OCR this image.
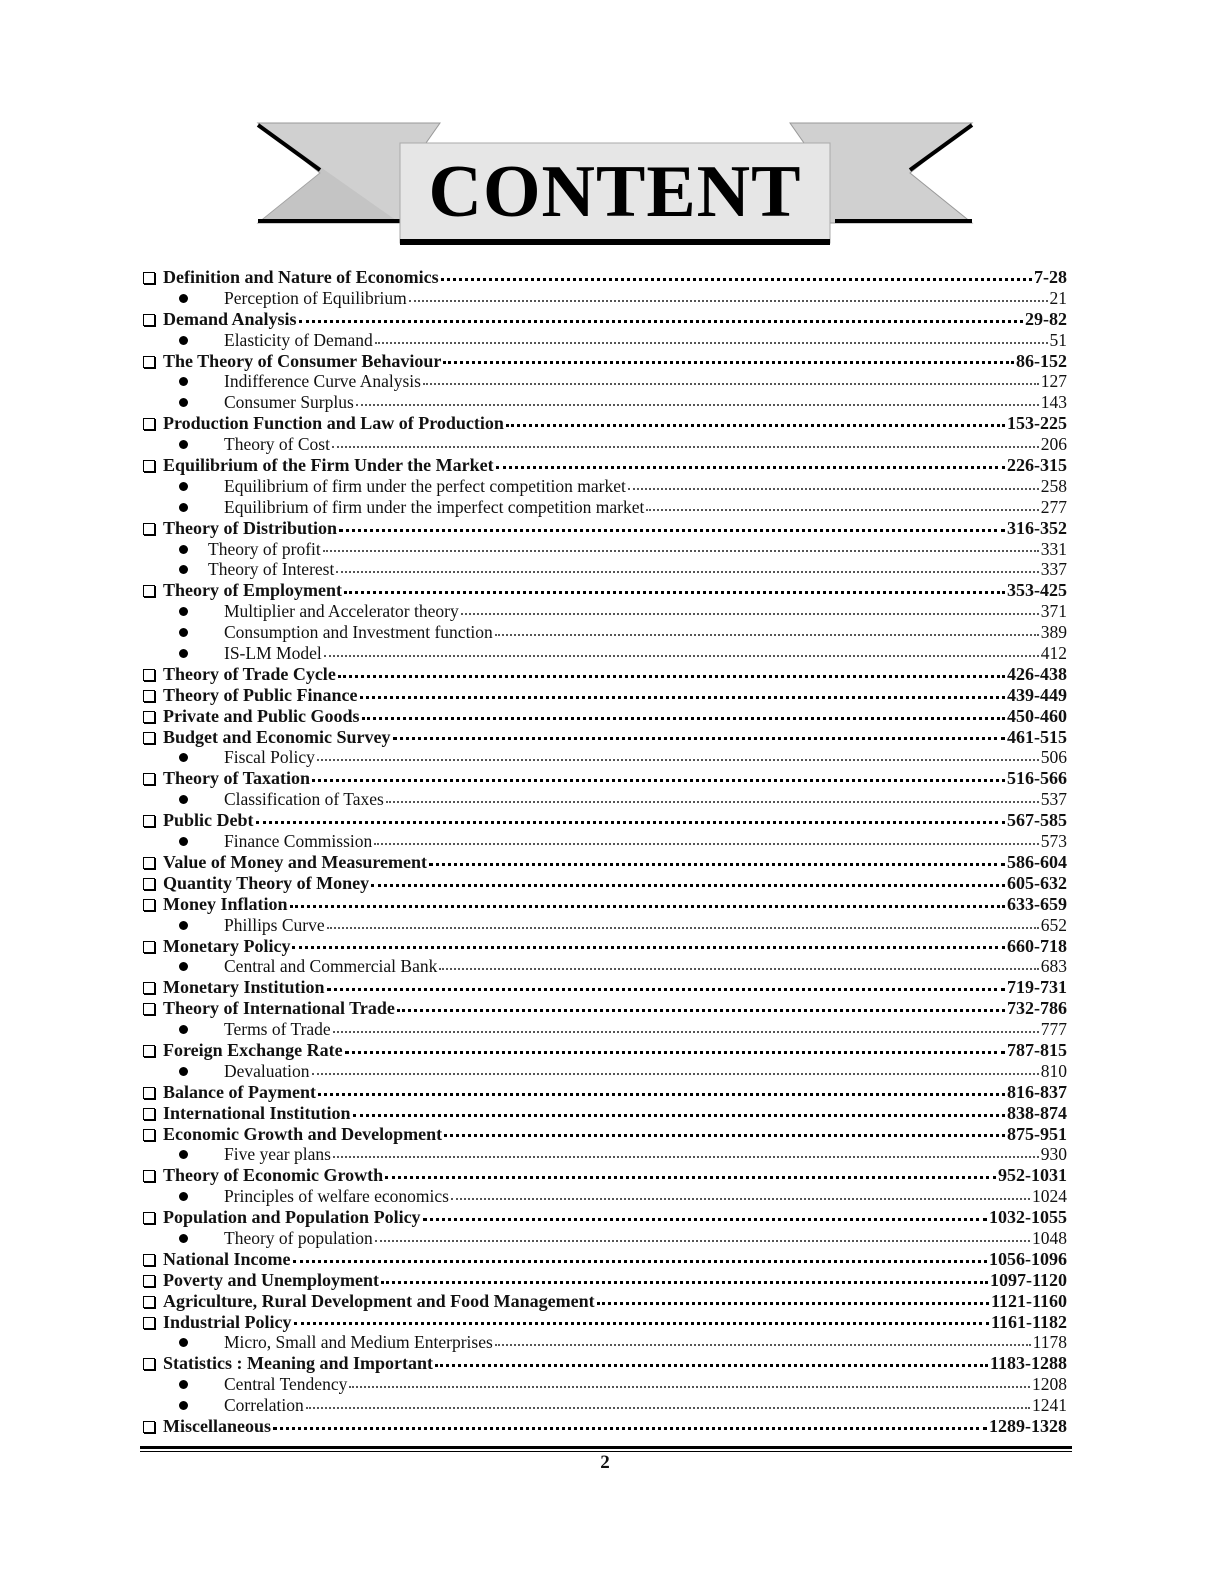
CONTENT
Definition and Nature of Economics	7-28
Perception of Equilibrium	21
Demand Analysis	29-82
Elasticity of Demand	51
The Theory of Consumer Behaviour	86-152
Indifference Curve Analysis	127
Consumer Surplus	143
Production Function and Law of Production	153-225
Theory of Cost	206
Equilibrium of the Firm Under the Market	226-315
Equilibrium of firm under the perfect competition market	258
Equilibrium of firm under the imperfect competition market	277
Theory of Distribution	316-352
Theory of profit	331
Theory of Interest	337
Theory of Employment	353-425
Multiplier and Accelerator theory	371
Consumption and Investment function	389
IS-LM Model	412
Theory of Trade Cycle	426-438
Theory of Public Finance	439-449
Private and Public Goods	450-460
Budget and Economic Survey	461-515
Fiscal Policy	506
Theory of Taxation	516-566
Classification of Taxes	537
Public Debt	567-585
Finance Commission	573
Value of Money and Measurement	586-604
Quantity Theory of Money	605-632
Money Inflation	633-659
Phillips Curve	652
Monetary Policy	660-718
Central and Commercial Bank	683
Monetary Institution	719-731
Theory of International Trade	732-786
Terms of Trade	777
Foreign Exchange Rate	787-815
Devaluation	810
Balance of Payment	816-837
International Institution	838-874
Economic Growth and Development	875-951
Five year plans	930
Theory of Economic Growth	952-1031
Principles of welfare economics	1024
Population and Population Policy	1032-1055
Theory of population	1048
National Income	1056-1096
Poverty and Unemployment	1097-1120
Agriculture, Rural Development and Food Management	1121-1160
Industrial Policy	1161-1182
Micro, Small and Medium Enterprises	1178
Statistics : Meaning and Important	1183-1288
Central Tendency	1208
Correlation	1241
Miscellaneous	1289-1328
2
